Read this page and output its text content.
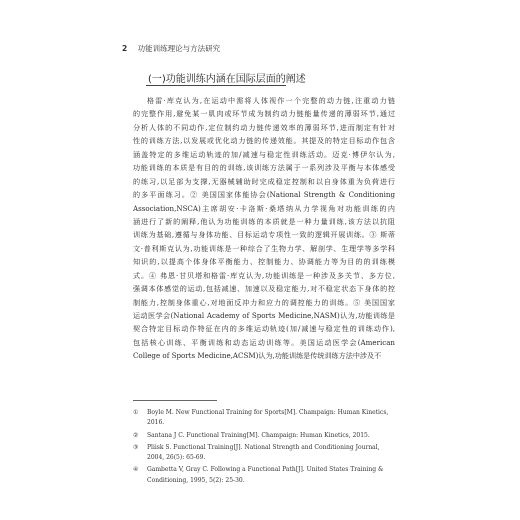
2 功能训练理论与方法研究
(一)功能训练内涵在国际层面的阐述
格雷·库克认为,在运动中需将人体视作一个完整的动力链,注重动力链
的完整作用,避免某一肌肉或环节成为制约动力链能量传递的薄弱环节,通过
分析人体的不同动作,定位制约动力链传递效率的薄弱环节,进而制定有针对
性的训练方法,以发展或优化动力链的传递效能。其提及的特定目标动作包含
涵盖特定的多维运动轨迹的加/减速与稳定性训练活动。迈克·博伊尔认为,
功能训练的本质是有目的的训练,该训练方法属于一系列涉及平衡与本体感受
的练习,以足部为支撑,无器械辅助时完成稳定控制和以自身体重为负荷进行
的多平面练习。② 美国国家体能协会(National Strength & Conditioning
Association,NSCA)主席胡安·卡洛斯·桑塔纳从力学视角对功能训练的内
涵进行了新的阐释,他认为功能训练的本质就是一种力量训练,该方法以抗阻
训练为基础,遵循与身体功能、目标运动专项性一致的逻辑开展训练。③ 斯蒂
文·普利斯克认为,功能训练是一种综合了生物力学、解剖学、生理学等多学科
知识的,以提高个体身体平衡能力、控制能力、协调能力等为目的的训练模
式。④ 弗恩·甘贝塔和格雷·库克认为,功能训练是一种涉及多关节、多方位,
强调本体感觉的运动,包括减速、加速以及稳定能力,对不稳定状态下身体的控
制能力,控制身体重心,对地面反冲力和应力的调控能力的训练。⑤ 美国国家
运动医学会(National Academy of Sports Medicine,NASM)认为,功能训练是
契合特定目标动作特征在内的多维运动轨迹(加/减速与稳定性的训练动作),
包括核心训练、平衡训练和动态运动训练等。美国运动医学会(American
College of Sports Medicine,ACSM)认为,功能训练是传统训练方法中涉及不
① Boyle M. New Functional Training for Sports[M]. Champaign: Human Kinetics, 2016.
② Santana J C. Functional Training[M]. Champaign: Human Kinetics, 2015.
③ Pliisk S. Functional Training[J]. National Strength and Conditioning Journal, 2004, 26(5): 65-69.
④ Gambetta V, Gray C. Following a Functional Path[J]. United States Training & Conditioning, 1995, 5(2): 25-30.
